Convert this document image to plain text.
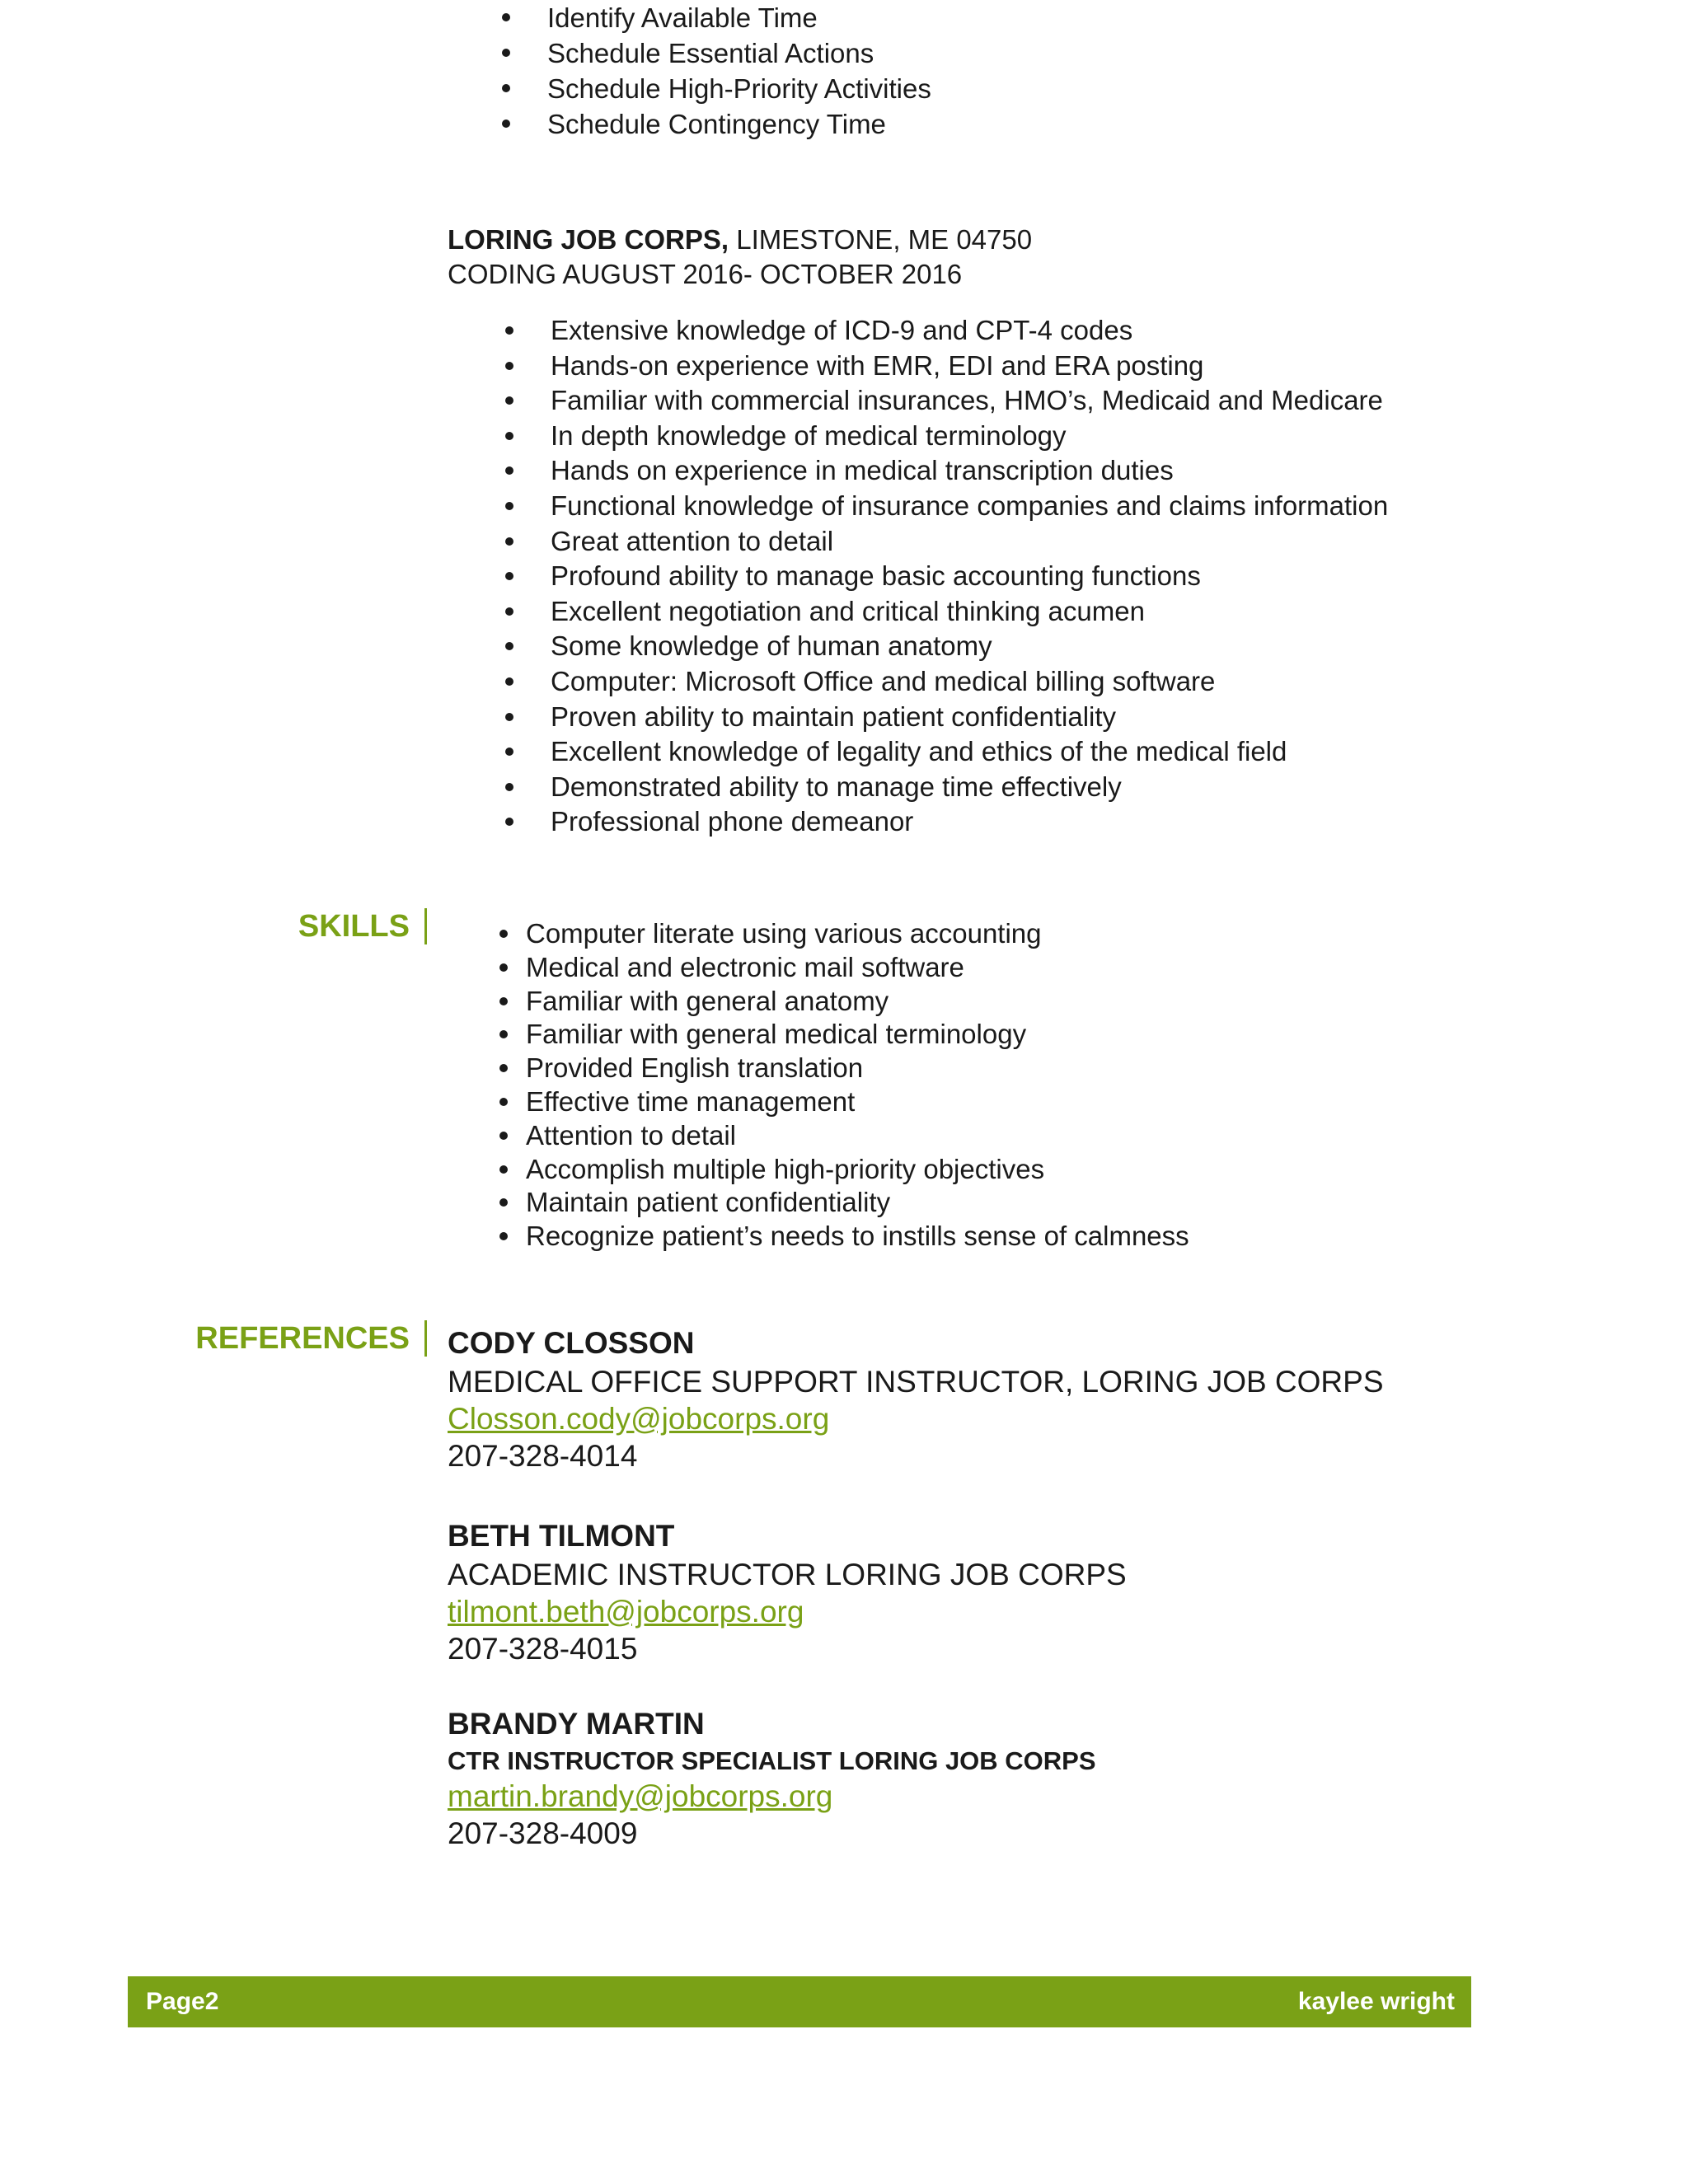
Identify Available Time
Schedule Essential Actions
Schedule High-Priority Activities
Schedule Contingency Time
LORING JOB CORPS, LIMESTONE, ME 04750
CODING AUGUST 2016- OCTOBER 2016
Extensive knowledge of ICD-9 and CPT-4 codes
Hands-on experience with EMR, EDI and ERA posting
Familiar with commercial insurances, HMO’s, Medicaid and Medicare
In depth knowledge of medical terminology
Hands on experience in medical transcription duties
Functional knowledge of insurance companies and claims information
Great attention to detail
Profound ability to manage basic accounting functions
Excellent negotiation and critical thinking acumen
Some knowledge of human anatomy
Computer: Microsoft Office and medical billing software
Proven ability to maintain patient confidentiality
Excellent knowledge of legality and ethics of the medical field
Demonstrated ability to manage time effectively
Professional phone demeanor
SKILLS	Computer literate using various accounting
Medical and electronic mail software
Familiar with general anatomy
Familiar with general medical terminology
Provided English translation
Effective time management
Attention to detail
Accomplish multiple high-priority objectives
Maintain patient confidentiality
Recognize patient’s needs to instills sense of calmness
REFERENCES CODY CLOSSON
MEDICAL OFFICE SUPPORT INSTRUCTOR, LORING JOB CORPS
Closson.cody@jobcorps.org
207-328-4014
BETH TILMONT
ACADEMIC INSTRUCTOR LORING JOB CORPS
tilmont.beth@jobcorps.org
207-328-4015
BRANDY MARTIN
CTR INSTRUCTOR SPECIALIST LORING JOB CORPS
martin.brandy@jobcorps.org
207-328-4009
Page2	kaylee wright
